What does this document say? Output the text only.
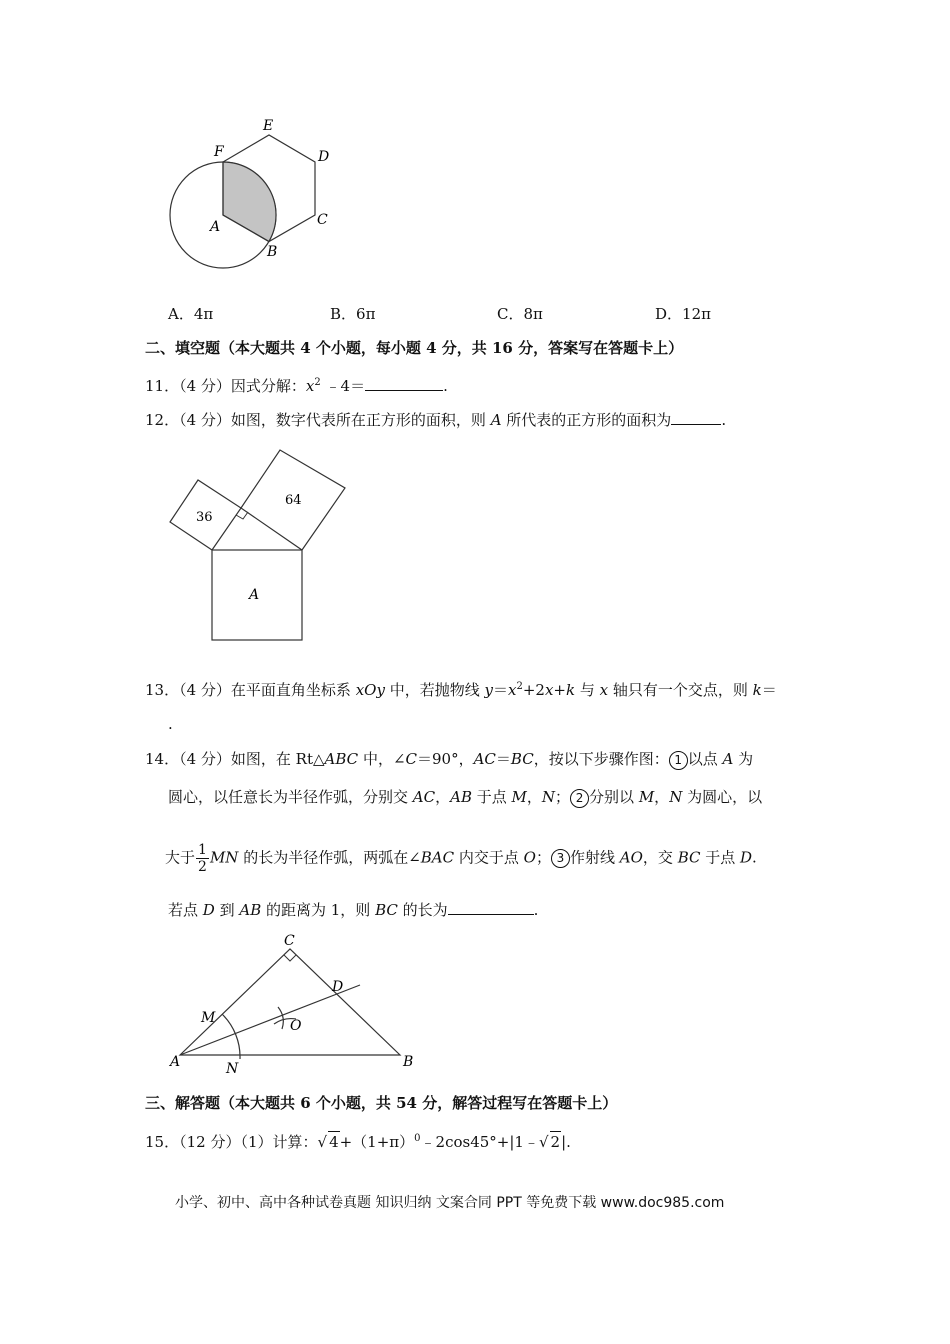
E
F	D
A	C
B
A．4π	B．6π	C．8π	D．12π
二、填空题（本大题共 4 个小题，每小题 4 分，共 16 分，答案写在答题卡上）
11．（4 分）因式分解：$x^2$ ﹣4＝	.
12．（4 分）如图，数字代表所在正方形的面积，则 A 所代表的正方形的面积为	.
36
64
A
13．（4 分）在平面直角坐标系 xOy 中，若抛物线 $y=x^2+2x+k$ 与 x 轴只有一个交点，则 k＝
.
14．（4 分）如图，在 Rt△ABC 中，∠C＝90°，AC＝BC，按以下步骤作图： 1 以点 A 为
圆心，以任意长为半径作弧，分别交 AC，AB 于点 M，N； 2 分别以 M，N 为圆心，以
大于 $\frac{1}{2}$ MN 的长为半径作弧，两弧在∠BAC 内交于点 O； 3 作射线 AO，交 BC 于点 D.
若点 D 到 AB 的距离为 1，则 BC 的长为	.
C
D
M	O
A	N	B
三、解答题（本大题共 6 个小题，共 54 分，解答过程写在答题卡上）
15．（12 分）（1）计算：√ $4+(1+\pi)^0﹣2\cos 45^\circ+|1﹣√$ 2|.
小学、初中、高中各种试卷真题 知识归纳 文案合同 PPT 等免费下载 www.doc985.com
